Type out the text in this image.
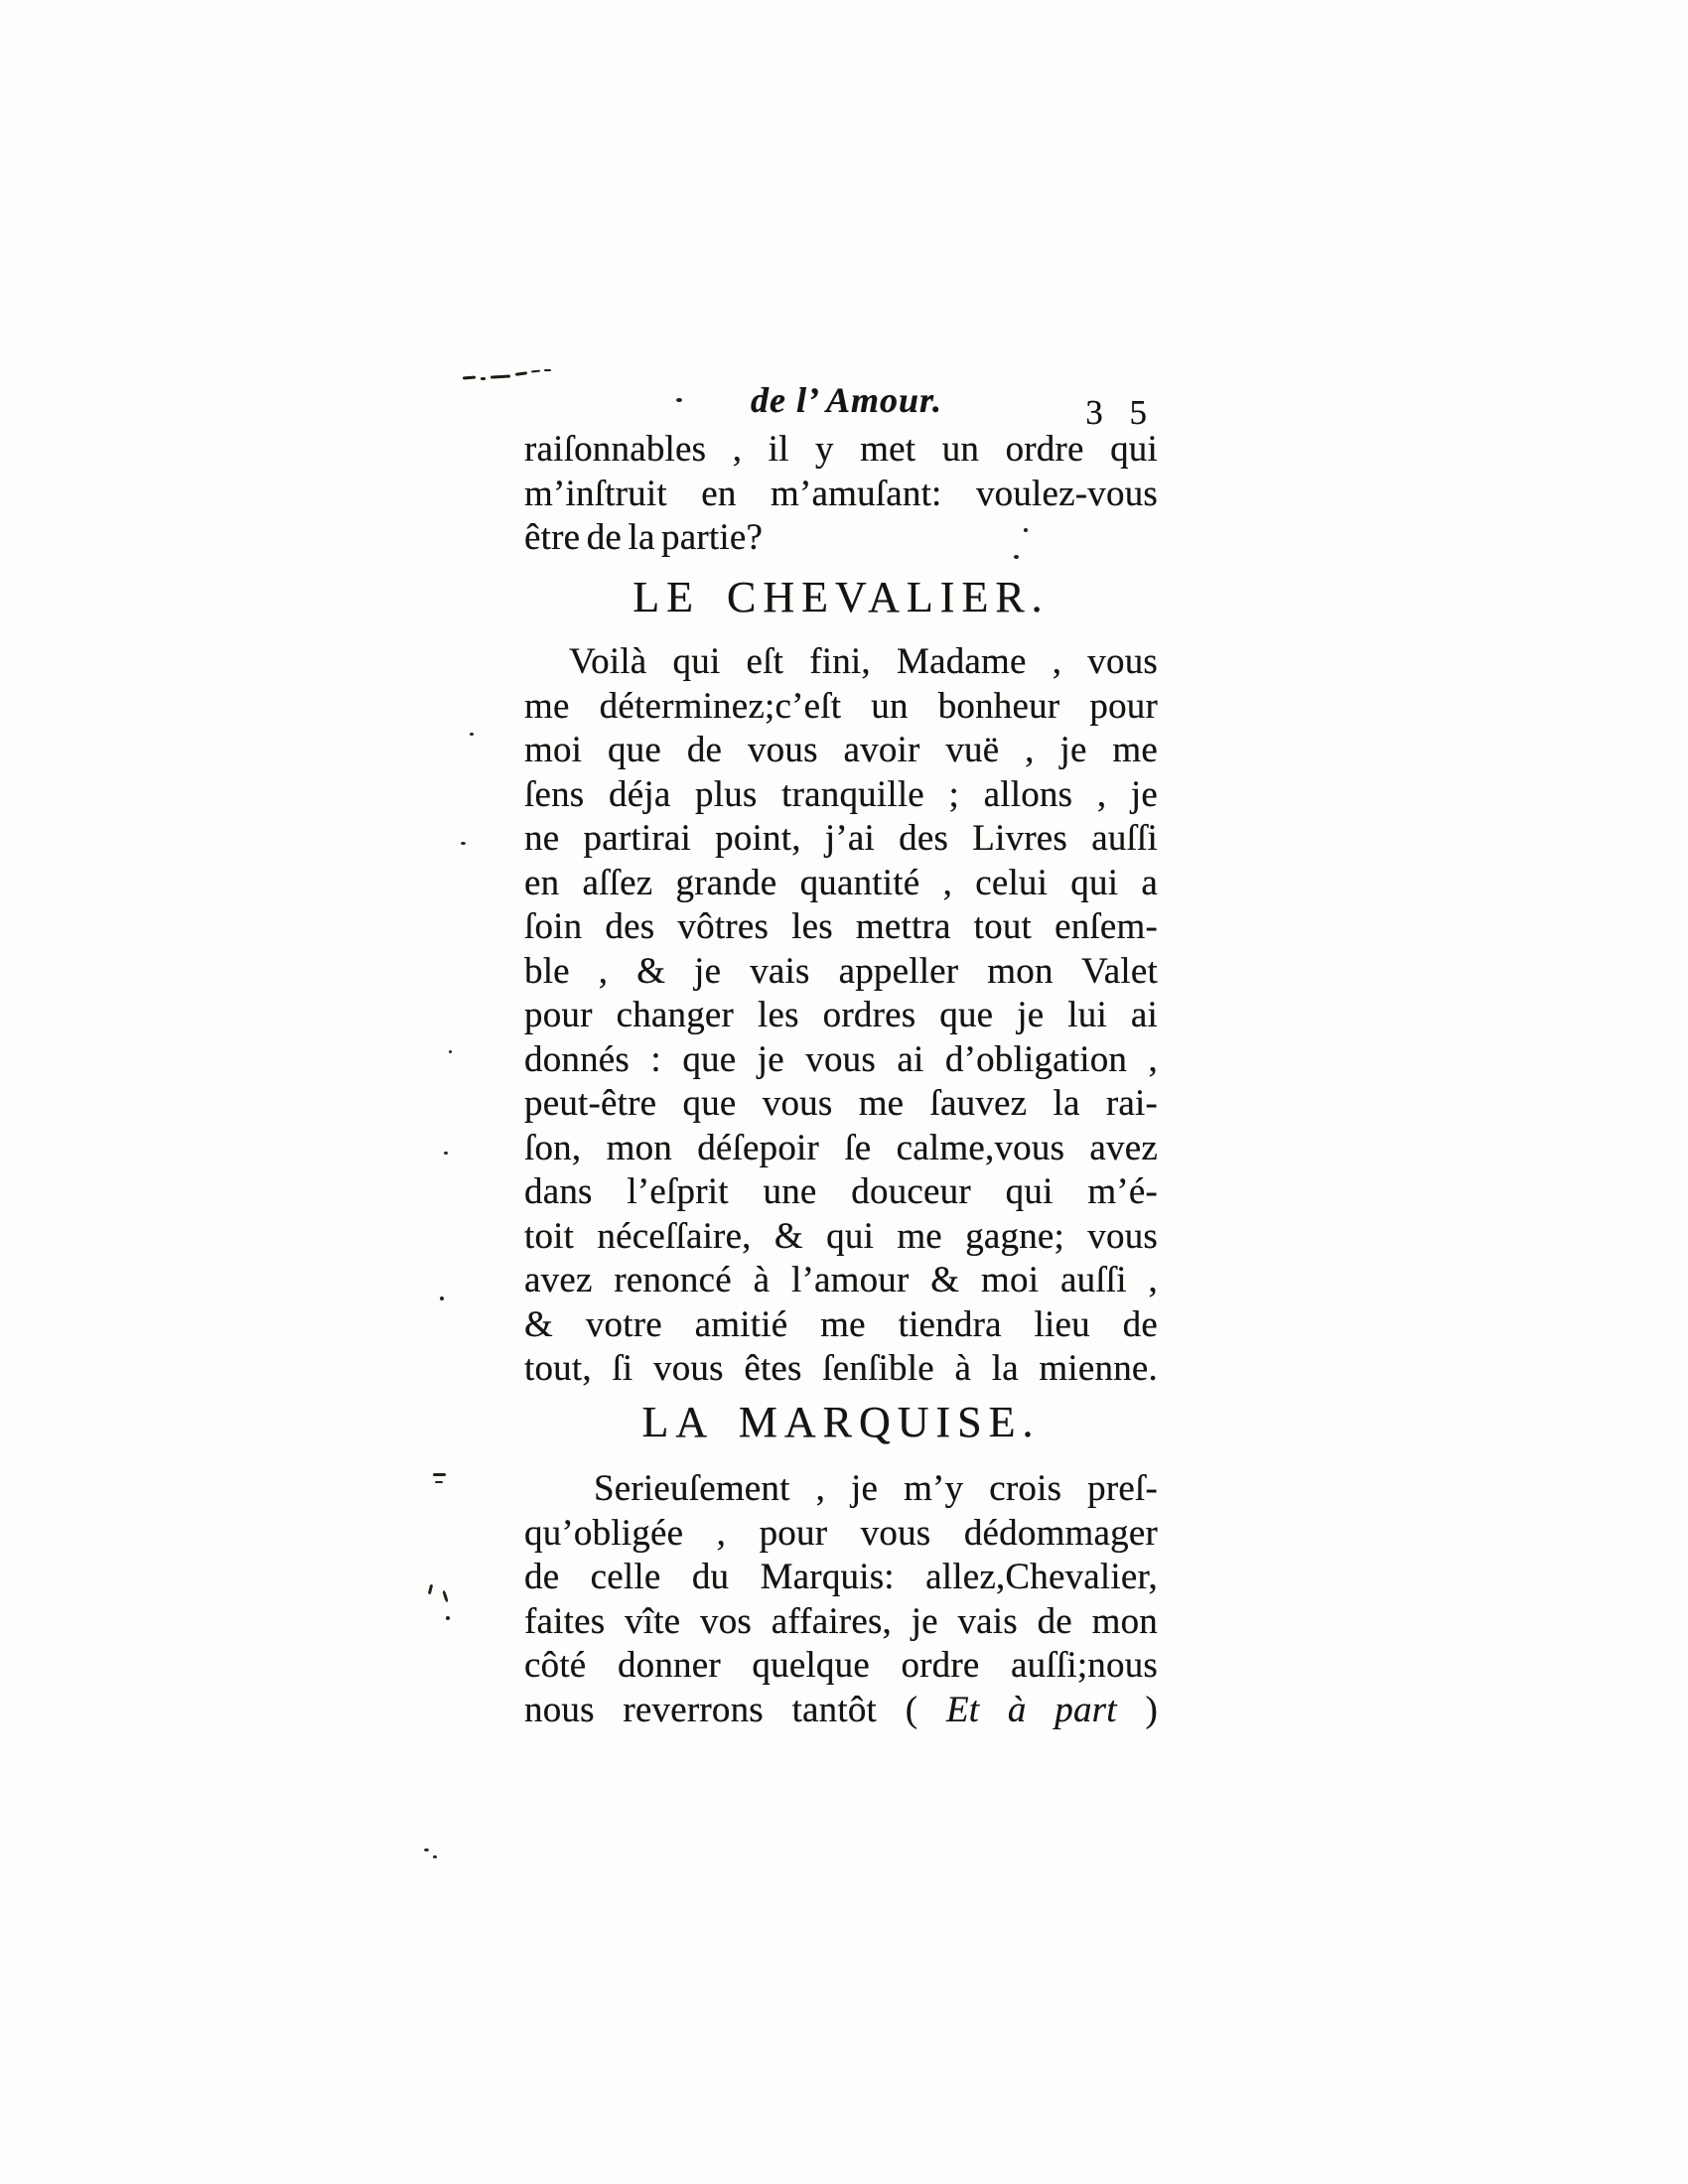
de l’ Amour.	3 5
raiſonnables , il y met un ordre qui
m’inſtruit en m’amuſant: voulez-vous
être de la partie?
LE CHEVALIER.
Voilà qui eſt fini, Madame , vous
me déterminez;c’eſt un bonheur pour
moi que de vous avoir vuë , je me
ſens déja plus tranquille ; allons , je
ne partirai point, j’ai des Livres auſſi
en aſſez grande quantité , celui qui a
ſoin des vôtres les mettra tout enſem-
ble , & je vais appeller mon Valet
pour changer les ordres que je lui ai
donnés : que je vous ai d’obligation ,
peut-être que vous me ſauvez la rai-
ſon, mon déſepoir ſe calme,vous avez
dans l’eſprit une douceur qui m’é-
toit néceſſaire, & qui me gagne; vous
avez renoncé à l’amour & moi auſſi ,
& votre amitié me tiendra lieu de
tout, ſi vous êtes ſenſible à la mienne.
LA MARQUISE.
Serieuſement , je m’y crois preſ-
qu’obligée , pour vous dédommager
de celle du Marquis: allez,Chevalier,
faites vîte vos affaires, je vais de mon
côté donner quelque ordre auſſi;nous
nous reverrons tantôt ( Et à part )
